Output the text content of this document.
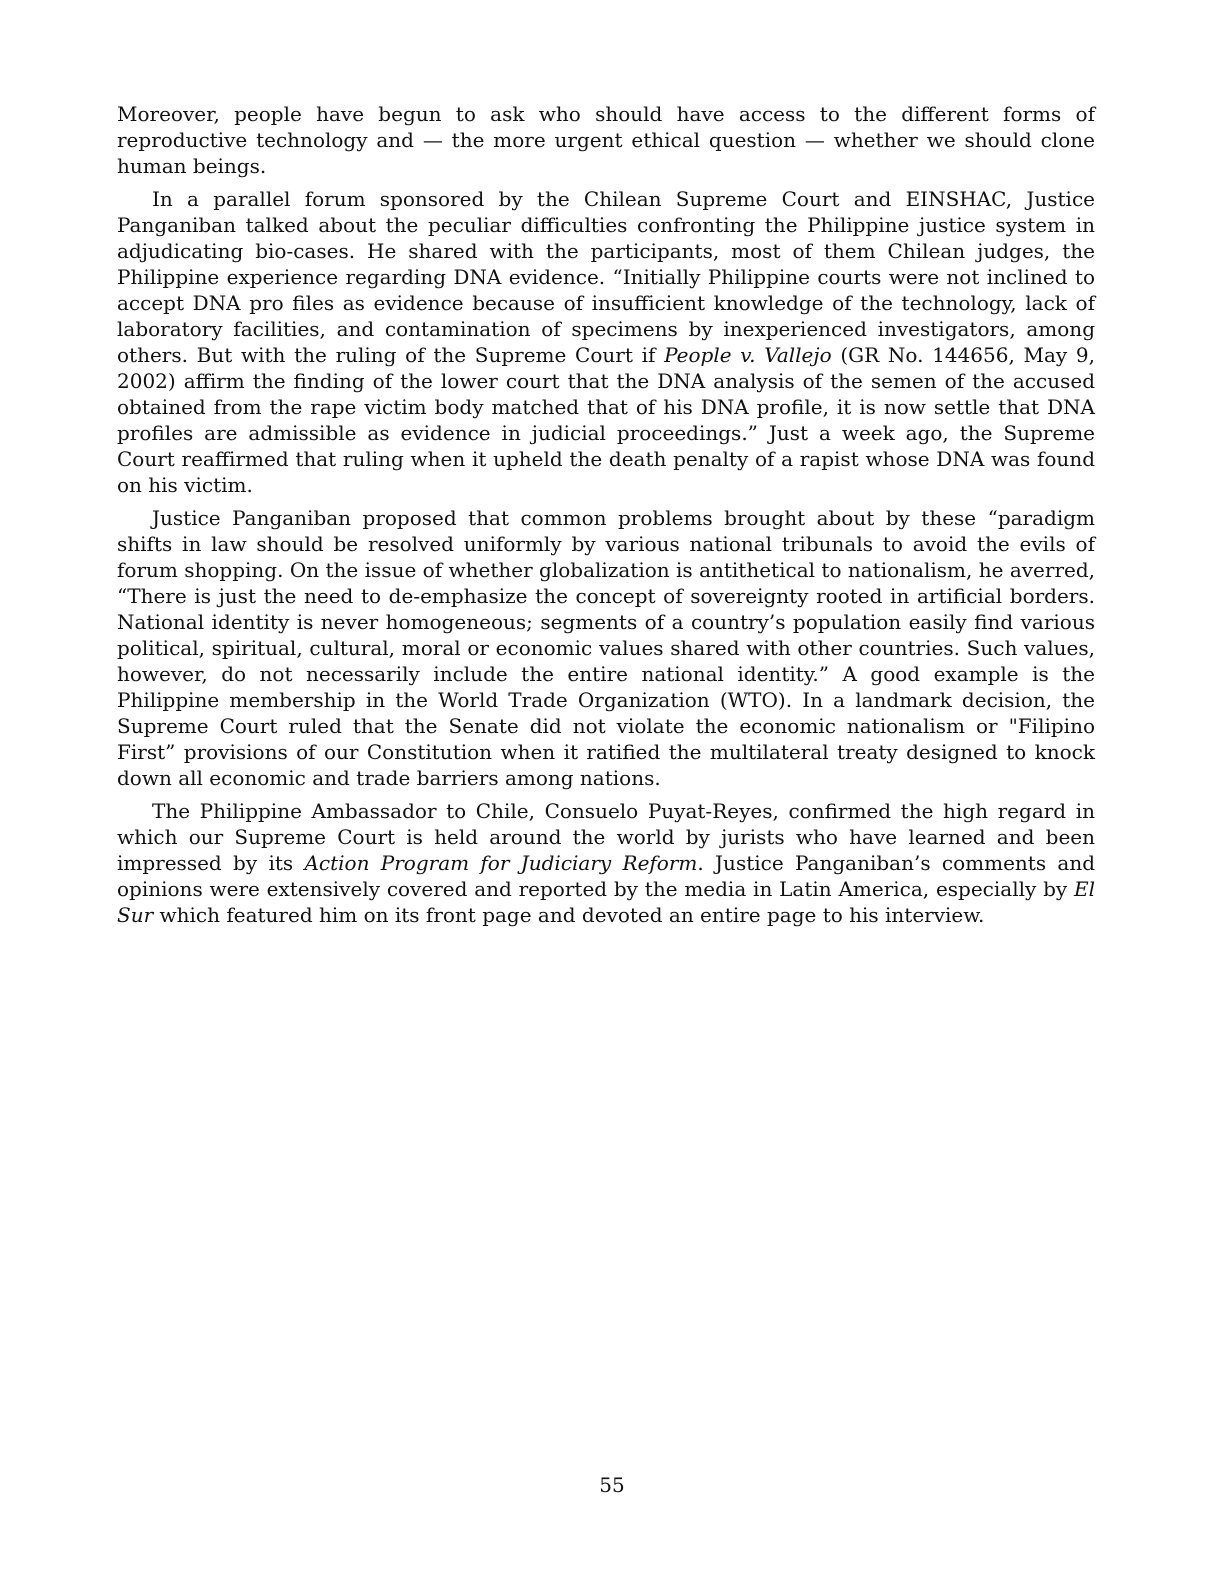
Moreover, people have begun to ask who should have access to the different forms of reproductive technology and — the more urgent ethical question — whether we should clone human beings.

In a parallel forum sponsored by the Chilean Supreme Court and EINSHAC, Justice Panganiban talked about the peculiar difficulties confronting the Philippine justice system in adjudicating bio-cases. He shared with the participants, most of them Chilean judges, the Philippine experience regarding DNA evidence. “Initially Philippine courts were not inclined to accept DNA pro files as evidence because of insufficient knowledge of the technology, lack of laboratory facilities, and contamination of specimens by inexperienced investigators, among others. But with the ruling of the Supreme Court if People v. Vallejo (GR No. 144656, May 9, 2002) affirm the finding of the lower court that the DNA analysis of the semen of the accused obtained from the rape victim body matched that of his DNA profile, it is now settle that DNA profiles are admissible as evidence in judicial proceedings.” Just a week ago, the Supreme Court reaffirmed that ruling when it upheld the death penalty of a rapist whose DNA was found on his victim.

Justice Panganiban proposed that common problems brought about by these “paradigm shifts in law should be resolved uniformly by various national tribunals to avoid the evils of forum shopping. On the issue of whether globalization is antithetical to nationalism, he averred, “There is just the need to de-emphasize the concept of sovereignty rooted in artificial borders. National identity is never homogeneous; segments of a country’s population easily find various political, spiritual, cultural, moral or economic values shared with other countries. Such values, however, do not necessarily include the entire national identity.” A good example is the Philippine membership in the World Trade Organization (WTO). In a landmark decision, the Supreme Court ruled that the Senate did not violate the economic nationalism or "Filipino First” provisions of our Constitution when it ratified the multilateral treaty designed to knock down all economic and trade barriers among nations.

The Philippine Ambassador to Chile, Consuelo Puyat-Reyes, confirmed the high regard in which our Supreme Court is held around the world by jurists who have learned and been impressed by its Action Program for Judiciary Reform. Justice Panganiban’s comments and opinions were extensively covered and reported by the media in Latin America, especially by El Sur which featured him on its front page and devoted an entire page to his interview.

55
